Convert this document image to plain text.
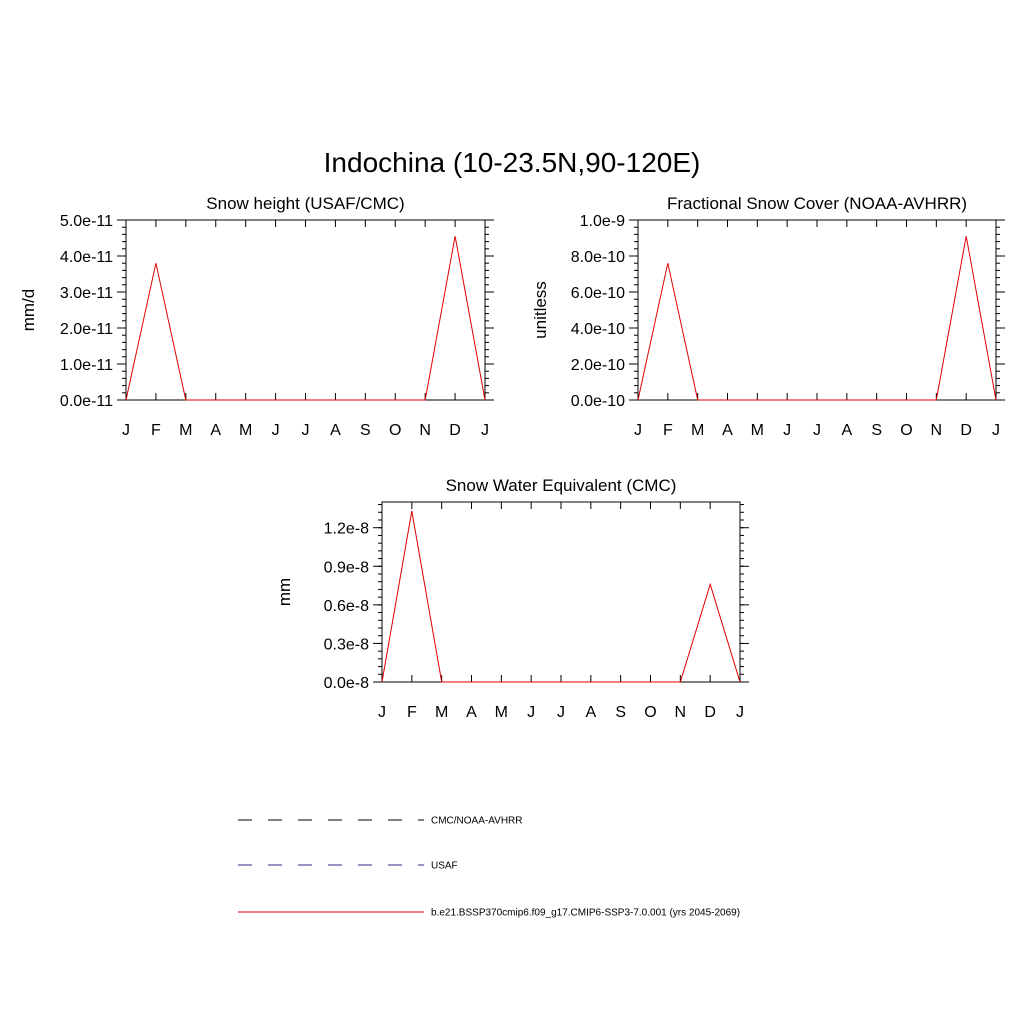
Indochina (10-23.5N,90-120E)
Snow height (USAF/CMC)
mm/d
J F M A M J J A S O N D J
0.0e-11
1.0e-11
2.0e-11
3.0e-11
4.0e-11
5.0e-11
Fractional Snow Cover (NOAA-AVHRR)
unitless
J F M A M J J A S O N D J
0.0e-10
2.0e-10
4.0e-10
6.0e-10
8.0e-10
1.0e-9
Snow Water Equivalent (CMC)
mm
J F M A M J J A S O N D J
0.0e-8
0.3e-8
0.6e-8
0.9e-8
1.2e-8
CMC/NOAA-AVHRR
USAF
b.e21.BSSP370cmip6.f09_g17.CMIP6-SSP3-7.0.001 (yrs 2045-2069)
